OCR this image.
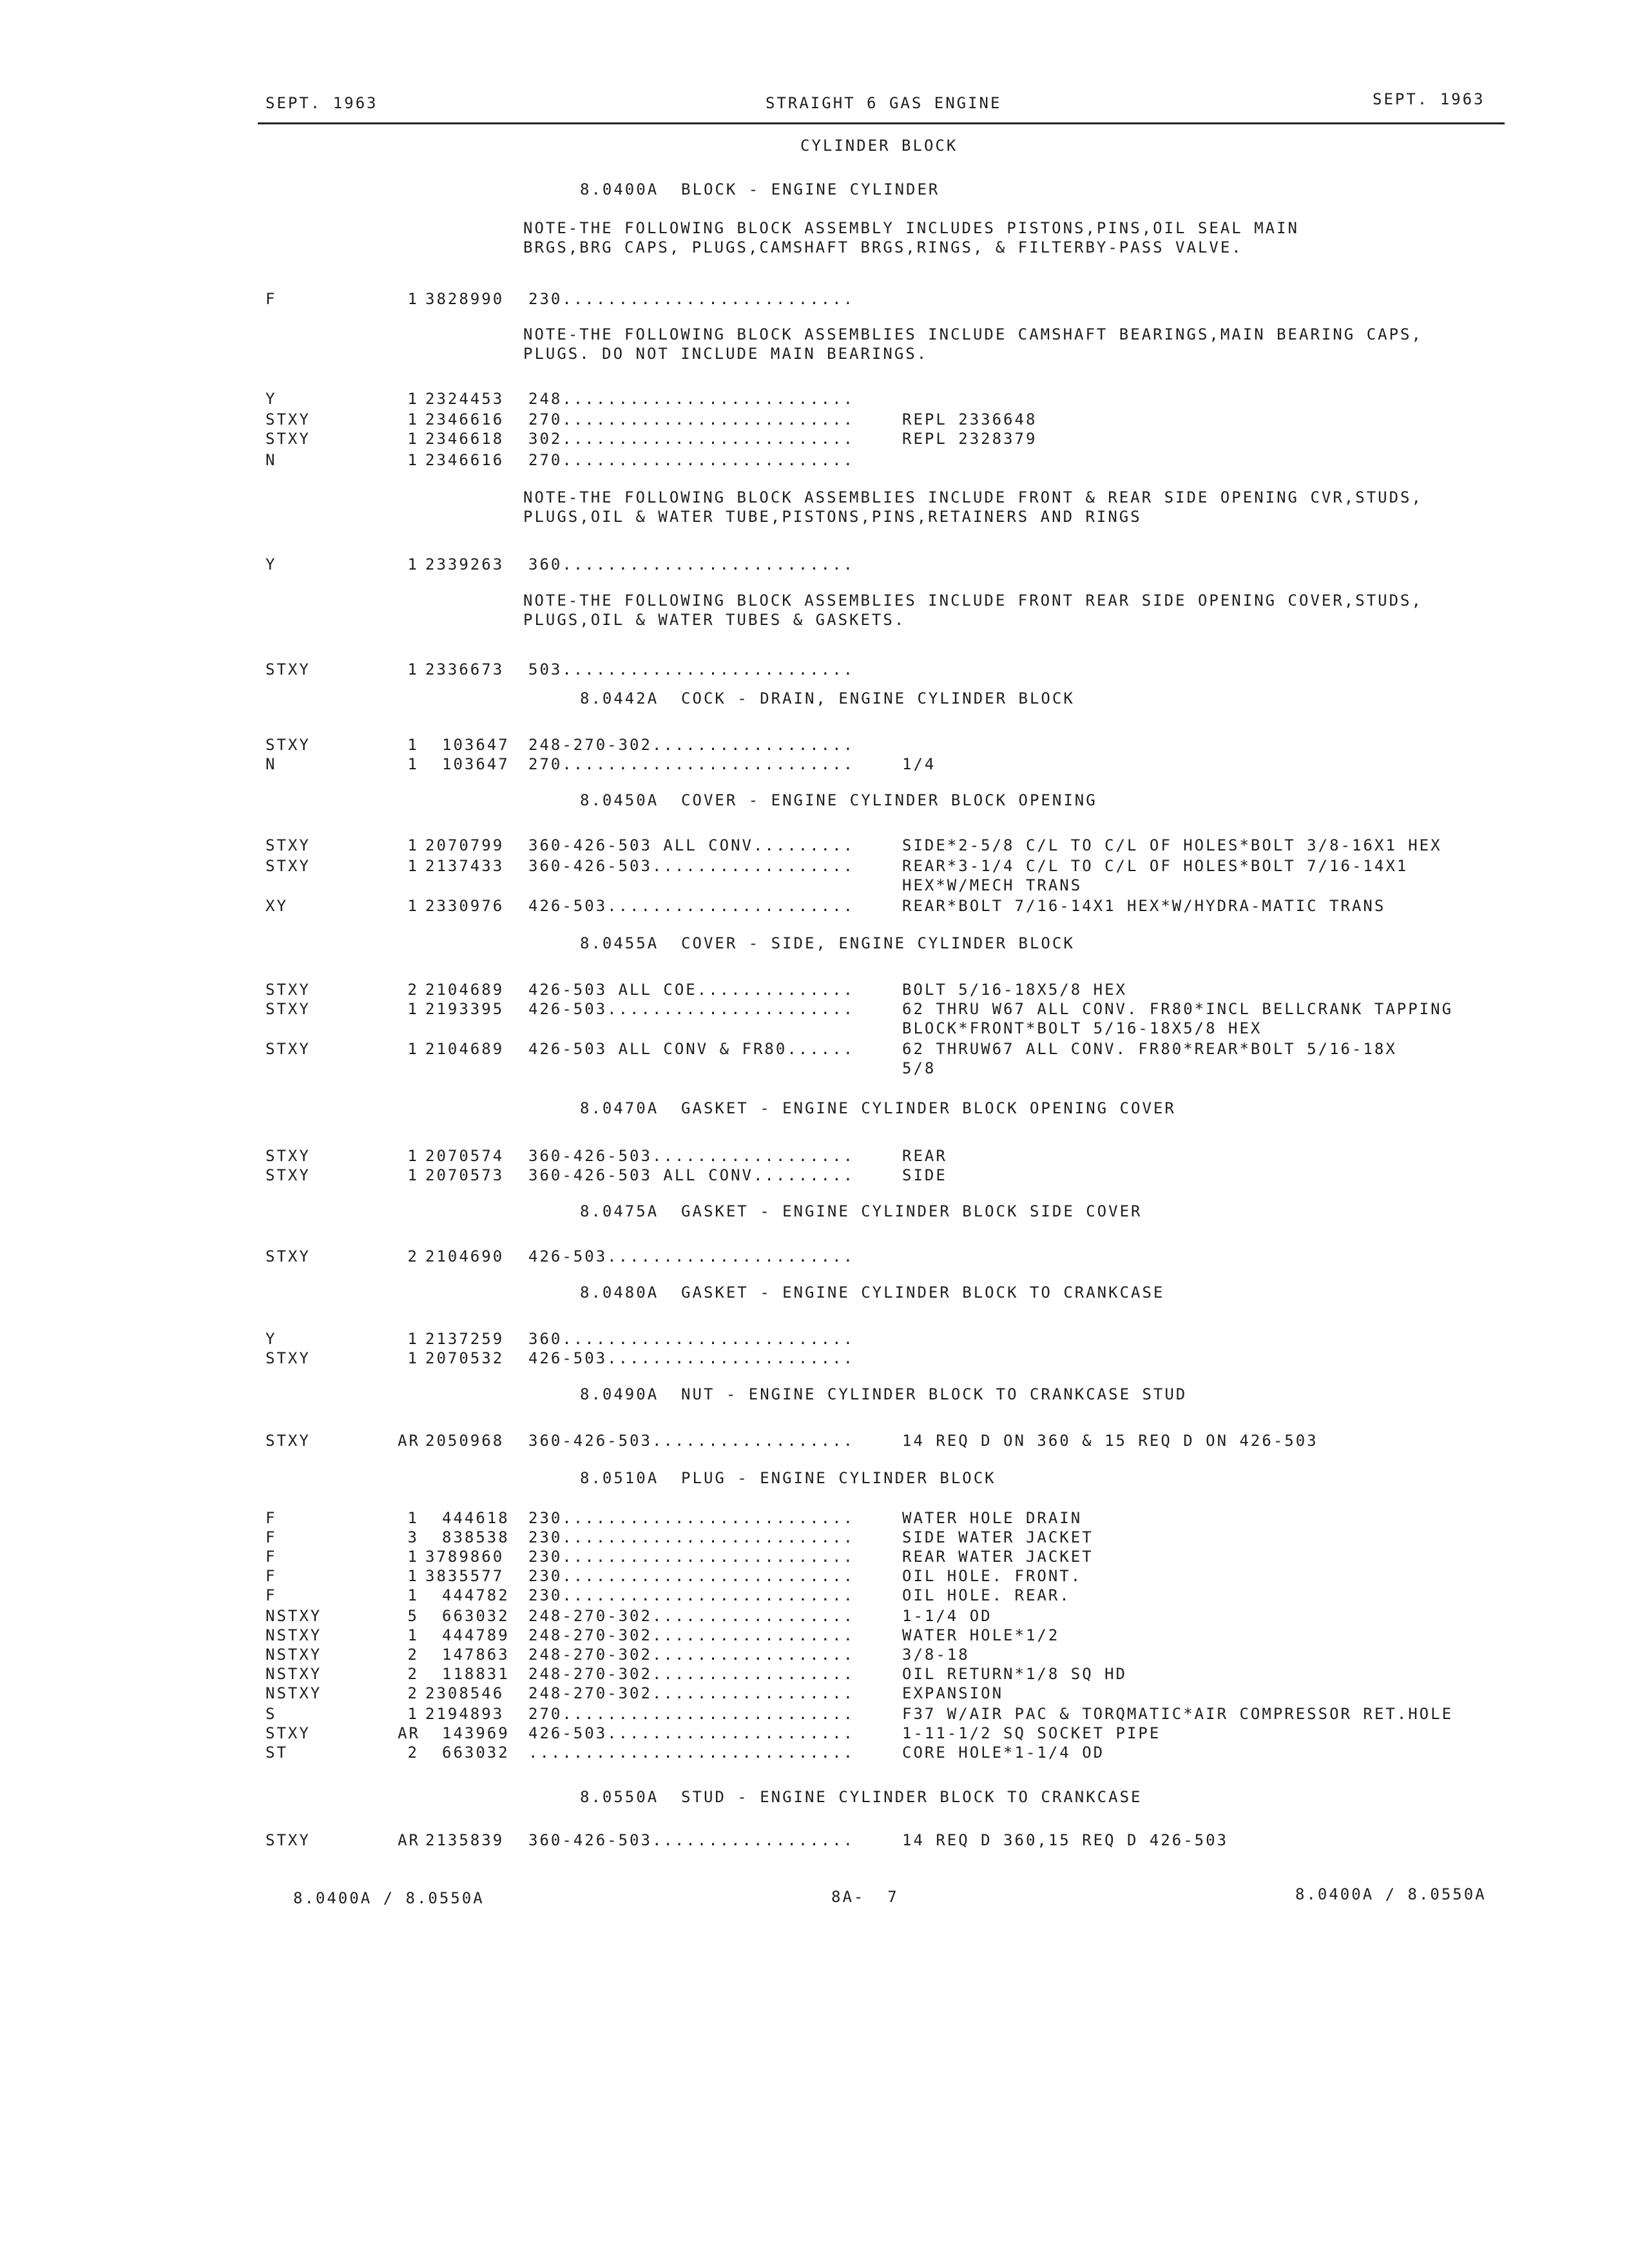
SEPT. 1963	STRAIGHT 6 GAS ENGINE	SEPT. 1963
CYLINDER BLOCK
8.0400A  BLOCK - ENGINE CYLINDER
NOTE-THE FOLLOWING BLOCK ASSEMBLY INCLUDES PISTONS,PINS,OIL SEAL MAIN
BRGS,BRG CAPS, PLUGS,CAMSHAFT BRGS,RINGS, & FILTERBY-PASS VALVE.
F	1 3828990 230..........................
NOTE-THE FOLLOWING BLOCK ASSEMBLIES INCLUDE CAMSHAFT BEARINGS,MAIN BEARING CAPS,
PLUGS. DO NOT INCLUDE MAIN BEARINGS.
Y	1 2324453 248..........................
STXY	1 2346616 270..........................	REPL 2336648
STXY	1 2346618 302..........................	REPL 2328379
N	1 2346616 270..........................
NOTE-THE FOLLOWING BLOCK ASSEMBLIES INCLUDE FRONT & REAR SIDE OPENING CVR,STUDS,
PLUGS,OIL & WATER TUBE,PISTONS,PINS,RETAINERS AND RINGS
Y	1 2339263 360..........................
NOTE-THE FOLLOWING BLOCK ASSEMBLIES INCLUDE FRONT REAR SIDE OPENING COVER,STUDS,
PLUGS,OIL & WATER TUBES & GASKETS.
STXY	1 2336673 503..........................
8.0442A  COCK - DRAIN, ENGINE CYLINDER BLOCK
STXY	1 103647 248-270-302..................
N	1 103647 270..........................	1/4
8.0450A  COVER - ENGINE CYLINDER BLOCK OPENING
STXY	1 2070799 360-426-503 ALL CONV.........	SIDE*2-5/8 C/L TO C/L OF HOLES*BOLT 3/8-16X1 HEX
STXY	1 2137433 360-426-503..................	REAR*3-1/4 C/L TO C/L OF HOLES*BOLT 7/16-14X1
HEX*W/MECH TRANS
XY	1 2330976 426-503......................	REAR*BOLT 7/16-14X1 HEX*W/HYDRA-MATIC TRANS
8.0455A  COVER - SIDE, ENGINE CYLINDER BLOCK
STXY	2 2104689 426-503 ALL COE..............	BOLT 5/16-18X5/8 HEX
STXY	1 2193395 426-503......................	62 THRU W67 ALL CONV. FR80*INCL BELLCRANK TAPPING
BLOCK*FRONT*BOLT 5/16-18X5/8 HEX
STXY	1 2104689 426-503 ALL CONV & FR80......	62 THRUW67 ALL CONV. FR80*REAR*BOLT 5/16-18X
5/8
8.0470A  GASKET - ENGINE CYLINDER BLOCK OPENING COVER
STXY	1 2070574 360-426-503..................	REAR
STXY	1 2070573 360-426-503 ALL CONV.........	SIDE
8.0475A  GASKET - ENGINE CYLINDER BLOCK SIDE COVER
STXY	2 2104690 426-503......................
8.0480A  GASKET - ENGINE CYLINDER BLOCK TO CRANKCASE
Y	1 2137259 360..........................
STXY	1 2070532 426-503......................
8.0490A  NUT - ENGINE CYLINDER BLOCK TO CRANKCASE STUD
STXY	AR 2050968 360-426-503..................	14 REQ D ON 360 & 15 REQ D ON 426-503
8.0510A  PLUG - ENGINE CYLINDER BLOCK
F	1 444618 230..........................	WATER HOLE DRAIN
F	3 838538 230..........................	SIDE WATER JACKET
F	1 3789860 230..........................	REAR WATER JACKET
F	1 3835577 230..........................	OIL HOLE. FRONT.
F	1 444782 230..........................	OIL HOLE. REAR.
NSTXY	5 663032 248-270-302..................	1-1/4 OD
NSTXY	1 444789 248-270-302..................	WATER HOLE*1/2
NSTXY	2 147863 248-270-302..................	3/8-18
NSTXY	2 118831 248-270-302..................	OIL RETURN*1/8 SQ HD
NSTXY	2 2308546 248-270-302..................	EXPANSION
S	1 2194893 270..........................	F37 W/AIR PAC & TORQMATIC*AIR COMPRESSOR RET.HOLE
STXY	AR 143969 426-503......................	1-11-1/2 SQ SOCKET PIPE
ST	2 663032 .............................	CORE HOLE*1-1/4 OD
8.0550A  STUD - ENGINE CYLINDER BLOCK TO CRANKCASE
STXY	AR 2135839 360-426-503..................	14 REQ D 360,15 REQ D 426-503
8.0400A / 8.0550A	8A-  7	8.0400A / 8.0550A
